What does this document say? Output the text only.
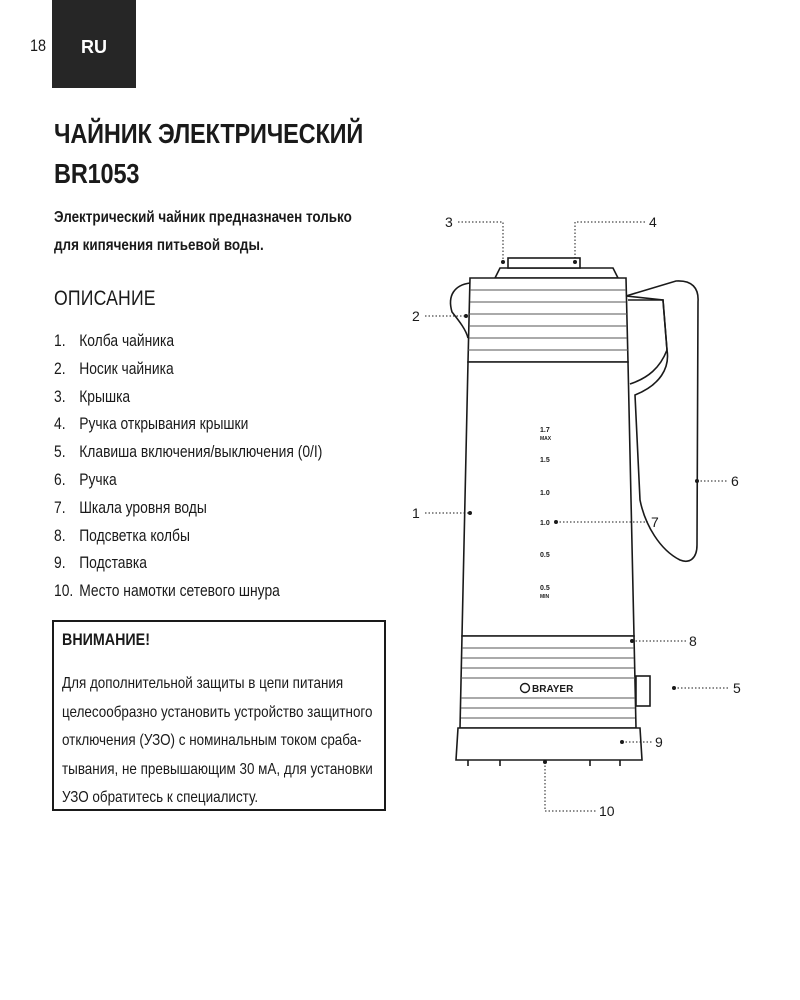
18 RU
ЧАЙНИК ЭЛЕКТРИЧЕСКИЙ
BR1053
Электрический чайник предназначен только
для кипячения питьевой воды.
ОПИСАНИЕ
1. Колба чайника
2. Носик чайника
3. Крышка
4. Ручка открывания крышки
5. Клавиша включения/выключения (0/I)
6. Ручка
7. Шкала уровня воды
8. Подсветка колбы
9. Подставка
10. Место намотки сетевого шнура
ВНИМАНИЕ!
Для дополнительной защиты в цепи питания
целесообразно установить устройство защитного
отключения (УЗО) с номинальным током сраба-
тывания, не превышающим 30 мА, для установки
УЗО обратитесь к специалисту.
BRAYER
1.7
MAX
1.5
1.0
1.0
0.5
0.5
MIN
3	4
2
1
6
7
8
5
9
10
